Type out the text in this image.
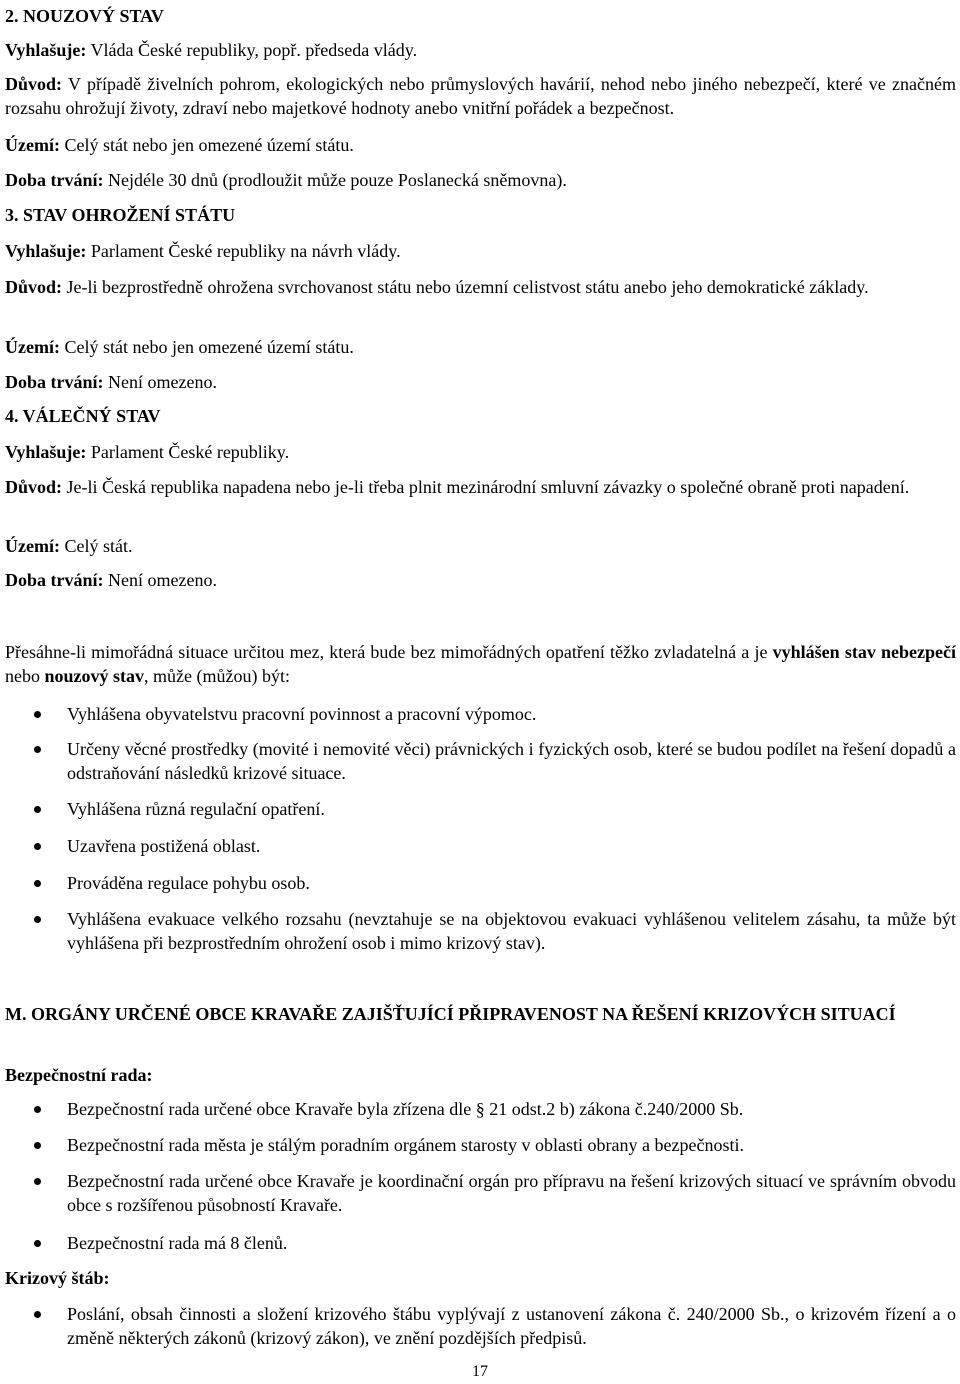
2. NOUZOVÝ STAV
Vyhlašuje: Vláda České republiky, popř. předseda vlády.
Důvod: V případě živelních pohrom, ekologických nebo průmyslových havárií, nehod nebo jiného nebezpečí, které ve značném rozsahu ohrožují životy, zdraví nebo majetkové hodnoty anebo vnitřní pořádek a bezpečnost.
Území: Celý stát nebo jen omezené území státu.
Doba trvání: Nejdéle 30 dnů (prodloužit může pouze Poslanecká sněmovna).
3. STAV OHROŽENÍ STÁTU
Vyhlašuje: Parlament České republiky na návrh vlády.
Důvod: Je-li bezprostředně ohrožena svrchovanost státu nebo územní celistvost státu anebo jeho demokratické základy.
Území: Celý stát nebo jen omezené území státu.
Doba trvání: Není omezeno.
4. VÁLEČNÝ STAV
Vyhlašuje: Parlament České republiky.
Důvod: Je-li Česká republika napadena nebo je-li třeba plnit mezinárodní smluvní závazky o společné obraně proti napadení.
Území: Celý stát.
Doba trvání: Není omezeno.
Přesáhne-li mimořádná situace určitou mez, která bude bez mimořádných opatření těžko zvladatelná a je vyhlášen stav nebezpečí nebo nouzový stav, může (můžou) být:
Vyhlášena obyvatelstvu pracovní povinnost a pracovní výpomoc.
Určeny věcné prostředky (movité i nemovité věci) právnických i fyzických osob, které se budou podílet na řešení dopadů a odstraňování následků krizové situace.
Vyhlášena různá regulační opatření.
Uzavřena postižená oblast.
Prováděna regulace pohybu osob.
Vyhlášena evakuace velkého rozsahu (nevztahuje se na objektovou evakuaci vyhlášenou velitelem zásahu, ta může být vyhlášena při bezprostředním ohrožení osob i mimo krizový stav).
M. ORGÁNY URČENÉ OBCE KRAVAŘE ZAJIŠŤUJÍCÍ PŘIPRAVENOST NA ŘEŠENÍ KRIZOVÝCH SITUACÍ
Bezpečnostní rada:
Bezpečnostní rada určené obce Kravaře byla zřízena dle § 21 odst.2 b) zákona č.240/2000 Sb.
Bezpečnostní rada města je stálým poradním orgánem starosty v oblasti obrany a bezpečnosti.
Bezpečnostní rada určené obce Kravaře je koordinační orgán pro přípravu na řešení krizových situací ve správním obvodu obce s rozšířenou působností Kravaře.
Bezpečnostní rada má 8 členů.
Krizový štáb:
Poslání, obsah činnosti a složení krizového štábu vyplývají z ustanovení zákona č. 240/2000 Sb., o krizovém řízení a o změně některých zákonů (krizový zákon), ve znění pozdějších předpisů.
17
